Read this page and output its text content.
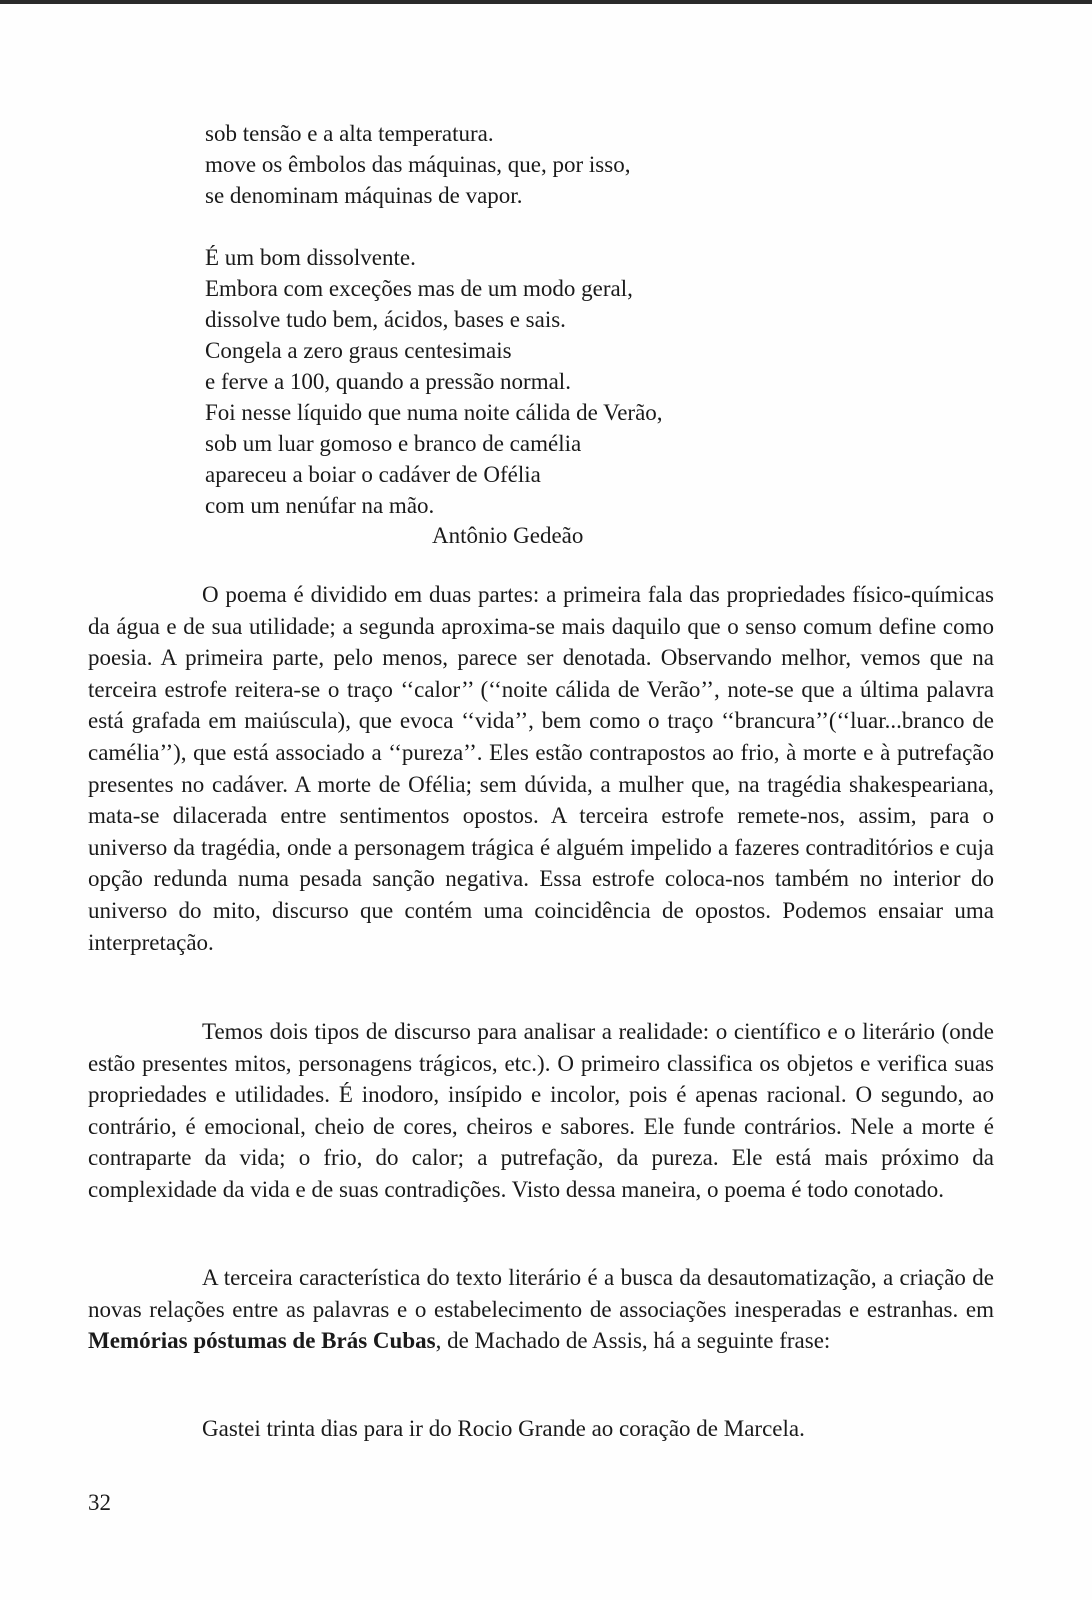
sob tensão e a alta temperatura.
move os êmbolos das máquinas, que, por isso,
se denominam máquinas de vapor.
É um bom dissolvente.
Embora com exceções mas de um modo geral,
dissolve tudo bem, ácidos, bases e sais.
Congela a zero graus centesimais
e ferve a 100, quando a pressão normal.
Foi nesse líquido que numa noite cálida de Verão,
sob um luar gomoso e branco de camélia
apareceu a boiar o cadáver de Ofélia
com um nenúfar na mão.
Antônio Gedeão

O poema é dividido em duas partes: a primeira fala das propriedades físico-químicas da água e de sua utilidade; a segunda aproxima-se mais daquilo que o senso comum define como poesia. A primeira parte, pelo menos, parece ser denotada. Observando melhor, vemos que na terceira estrofe reitera-se o traço ‘‘calor’’ (‘‘noite cálida de Verão’’, note-se que a última palavra está grafada em maiúscula), que evoca ‘‘vida’’, bem como o traço ‘‘brancura’’(‘‘luar...branco de camélia’’), que está associado a ‘‘pureza’’. Eles estão contrapostos ao frio, à morte e à putrefação presentes no cadáver. A morte de Ofélia; sem dúvida, a mulher que, na tragédia shakespeariana, mata-se dilacerada entre sentimentos opostos. A terceira estrofe remete-nos, assim, para o universo da tragédia, onde a personagem trágica é alguém impelido a fazeres contraditórios e cuja opção redunda numa pesada sanção negativa. Essa estrofe coloca-nos também no interior do universo do mito, discurso que contém uma coincidência de opostos. Podemos ensaiar uma interpretação.

Temos dois tipos de discurso para analisar a realidade: o científico e o literário (onde estão presentes mitos, personagens trágicos, etc.). O primeiro classifica os objetos e verifica suas propriedades e utilidades. É inodoro, insípido e incolor, pois é apenas racional. O segundo, ao contrário, é emocional, cheio de cores, cheiros e sabores. Ele funde contrários. Nele a morte é contraparte da vida; o frio, do calor; a putrefação, da pureza. Ele está mais próximo da complexidade da vida e de suas contradições. Visto dessa maneira, o poema é todo conotado.

A terceira característica do texto literário é a busca da desautomatização, a criação de novas relações entre as palavras e o estabelecimento de associações inesperadas e estranhas. em Memórias póstumas de Brás Cubas, de Machado de Assis, há a seguinte frase:

Gastei trinta dias para ir do Rocio Grande ao coração de Marcela.
32
